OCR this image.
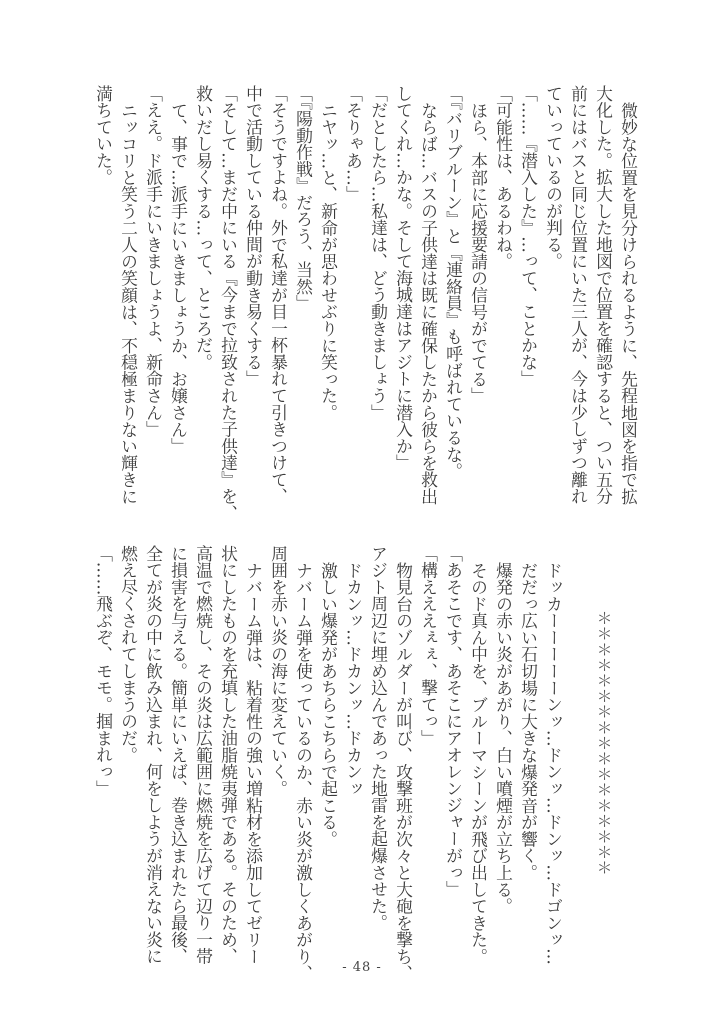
微妙な位置を見分けられるように、先程地図を指で拡
大化した。拡大した地図で位置を確認すると、つい五分
前にはバスと同じ位置にいた三人が、今は少しずつ離れ
ていっているのが判る。
「……『潜入した』…って、ことかな」
「可能性は、あるわね。
ほら、本部に応援要請の信号がでてる」
「『バリブルーン』と『連絡員』も呼ばれているな。
ならば…バスの子供達は既に確保したから彼らを救出
してくれ…かな。そして海城達はアジトに潜入か」
「だとしたら…私達は、どう動きましょう」
「そりゃあ…」
ニヤッ…と、新命が思わせぶりに笑った。
「『陽動作戦』だろう、当然」
「そうですよね。外で私達が目一杯暴れて引きつけて、
中で活動している仲間が動き易くする」
「そして…まだ中にいる『今まで拉致された子供達』を、
救いだし易くする…って、ところだ。
て、事で…派手にいきましょうか、お嬢さん」
「ええ。ド派手にいきましょうよ、新命さん」
ニッコリと笑う二人の笑顔は、不穏極まりない輝きに
満ちていた。
＊＊＊＊＊＊＊＊＊＊＊＊＊＊＊＊＊
ドッカーーーーーンッ…ドンッ…ドンッ…ドゴンッ…
だだっ広い石切場に大きな爆発音が響く。
爆発の赤い炎があがり、白い噴煙が立ち上る。
そのド真ん中を、ブルーマシーンが飛び出してきた。
「あそこです、あそこにアオレンジャーがっ」
「構えええぇぇ、撃てっ」
物見台のゾルダーが叫び、攻撃班が次々と大砲を撃ち、
アジト周辺に埋め込んであった地雷を起爆させた。
ドカンッ…ドカンッ…ドカンッ
激しい爆発があちらこちらで起こる。
ナバーム弾を使っているのか、赤い炎が激しくあがり、
周囲を赤い炎の海に変えていく。
ナバーム弾は、粘着性の強い増粘材を添加してゼリー
状にしたものを充填した油脂焼夷弾である。そのため、
高温で燃焼し、その炎は広範囲に燃焼を広げて辺り一帯
に損害を与える。簡単にいえば、巻き込まれたら最後、
全てが炎の中に飲み込まれ、何をしようが消えない炎に
燃え尽くされてしまうのだ。
「……飛ぶぞ、モモ。掴まれっ」
- 48 -
